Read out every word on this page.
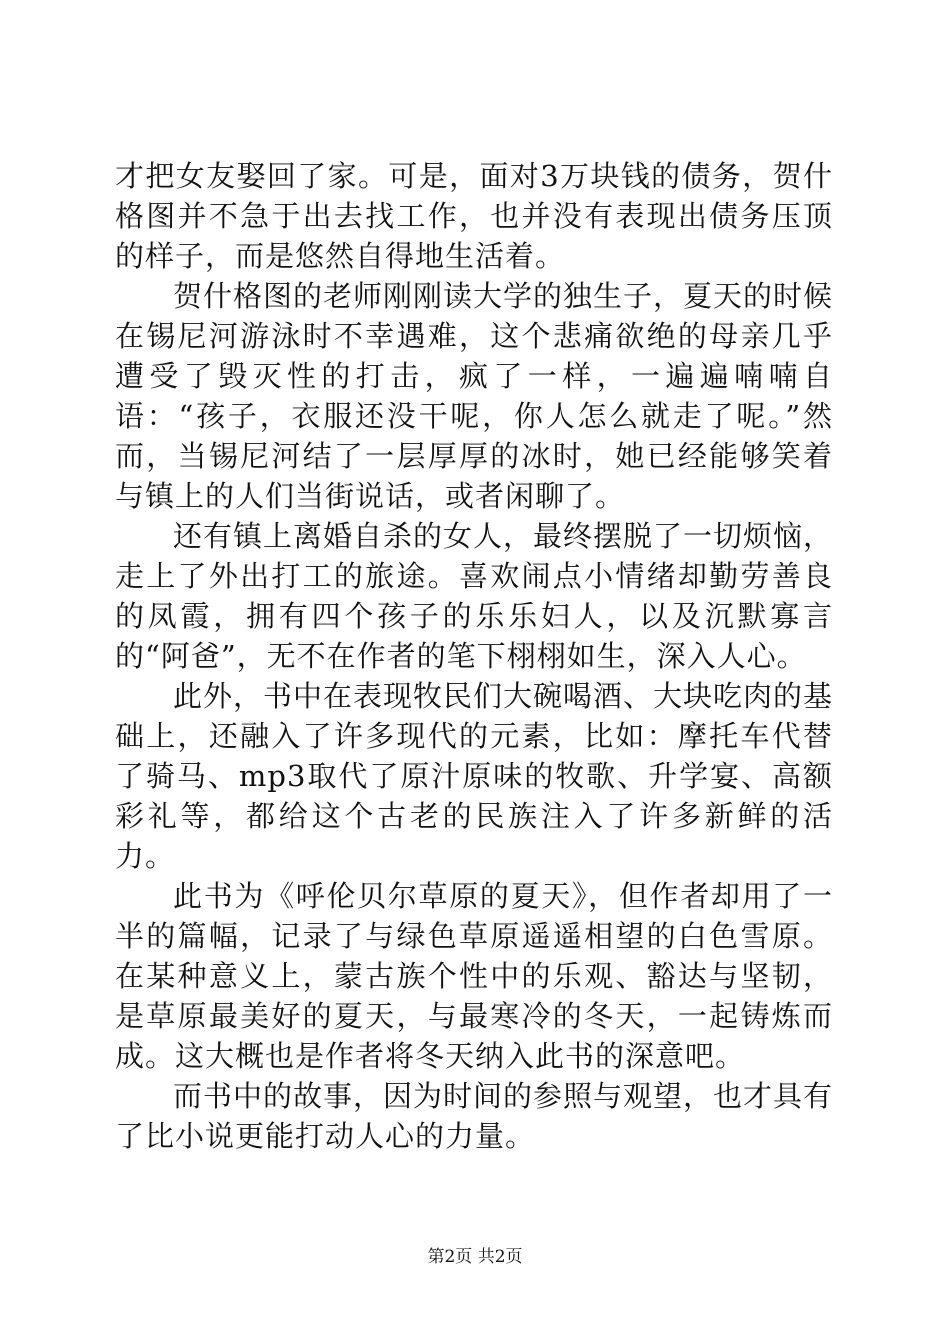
才把女友娶回了家。可是，面对3万块钱的债务，贺什格图并不急于出去找工作，也并没有表现出债务压顶的样子，而是悠然自得地生活着。

贺什格图的老师刚刚读大学的独生子，夏天的时候在锡尼河游泳时不幸遇难，这个悲痛欲绝的母亲几乎遭受了毁灭性的打击，疯了一样，一遍遍喃喃自语：“孩子，衣服还没干呢，你人怎么就走了呢。”然而，当锡尼河结了一层厚厚的冰时，她已经能够笑着与镇上的人们当街说话，或者闲聊了。

还有镇上离婚自杀的女人，最终摆脱了一切烦恼，走上了外出打工的旅途。喜欢闹点小情绪却勤劳善良的凤霞，拥有四个孩子的乐乐妇人，以及沉默寡言的“阿爸”，无不在作者的笔下栩栩如生，深入人心。

此外，书中在表现牧民们大碗喝酒、大块吃肉的基础上，还融入了许多现代的元素，比如：摩托车代替了骑马、mp3取代了原汁原味的牧歌、升学宴、高额彩礼等，都给这个古老的民族注入了许多新鲜的活力。

此书为《呼伦贝尔草原的夏天》，但作者却用了一半的篇幅，记录了与绿色草原遥遥相望的白色雪原。在某种意义上，蒙古族个性中的乐观、豁达与坚韧，是草原最美好的夏天，与最寒冷的冬天，一起铸炼而成。这大概也是作者将冬天纳入此书的深意吧。

而书中的故事，因为时间的参照与观望，也才具有了比小说更能打动人心的力量。

第2页 共2页
